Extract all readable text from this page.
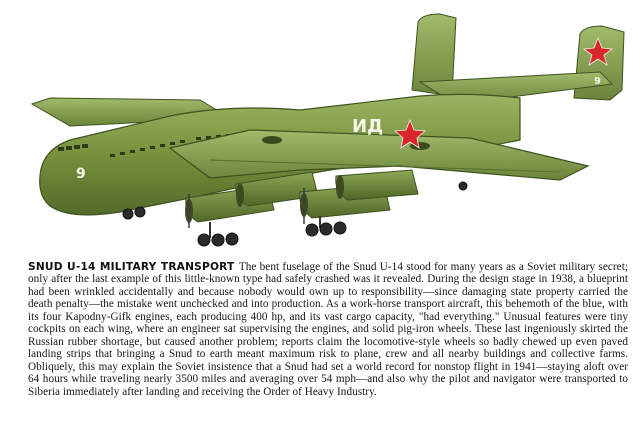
9
ИД
9
SNUD U-14 MILITARY TRANSPORT The bent fuselage of the Snud U-14 stood for many years as a Soviet military secret; only after the last example of this little-known type had safely crashed was it revealed. During the design stage in 1938, a blueprint had been wrinkled accidentally and because nobody would own up to responsibility—since damaging state property carried the death penalty—the mistake went unchecked and into production. As a work-horse transport aircraft, this behemoth of the blue, with its four Kapodny-Gifk engines, each producing 400 hp, and its vast cargo capacity, "had everything." Unusual features were tiny cockpits on each wing, where an engineer sat supervising the engines, and solid pig-iron wheels. These last ingeniously skirted the Russian rubber shortage, but caused another problem; reports claim the locomotive-style wheels so badly chewed up even paved landing strips that bringing a Snud to earth meant maximum risk to plane, crew and all nearby buildings and collective farms. Obliquely, this may explain the Soviet insistence that a Snud had set a world record for nonstop flight in 1941—staying aloft over 64 hours while traveling nearly 3500 miles and averaging over 54 mph—and also why the pilot and navigator were transported to Siberia immediately after landing and receiving the Order of Heavy Industry.
